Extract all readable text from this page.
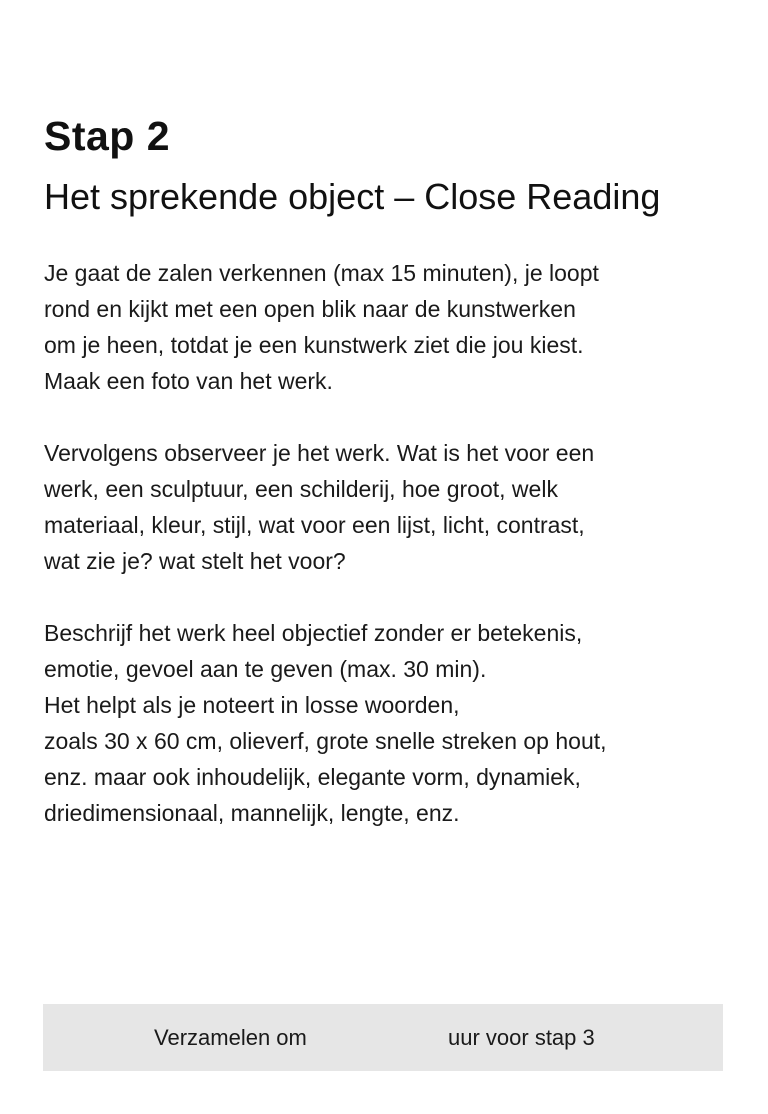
Stap 2
Het sprekende object – Close Reading

Je gaat de zalen verkennen (max 15 minuten), je loopt
rond en kijkt met een open blik naar de kunstwerken
om je heen, totdat je een kunstwerk ziet die jou kiest.
Maak een foto van het werk.

Vervolgens observeer je het werk. Wat is het voor een
werk, een sculptuur, een schilderij, hoe groot, welk
materiaal, kleur, stijl, wat voor een lijst, licht, contrast,
wat zie je? wat stelt het voor?

Beschrijf het werk heel objectief zonder er betekenis,
emotie, gevoel aan te geven (max. 30 min).
Het helpt als je noteert in losse woorden,
zoals 30 x 60 cm, olieverf, grote snelle streken op hout,
enz. maar ook inhoudelijk, elegante vorm, dynamiek,
driedimensionaal, mannelijk, lengte, enz.

Verzamelen om	uur voor stap 3
